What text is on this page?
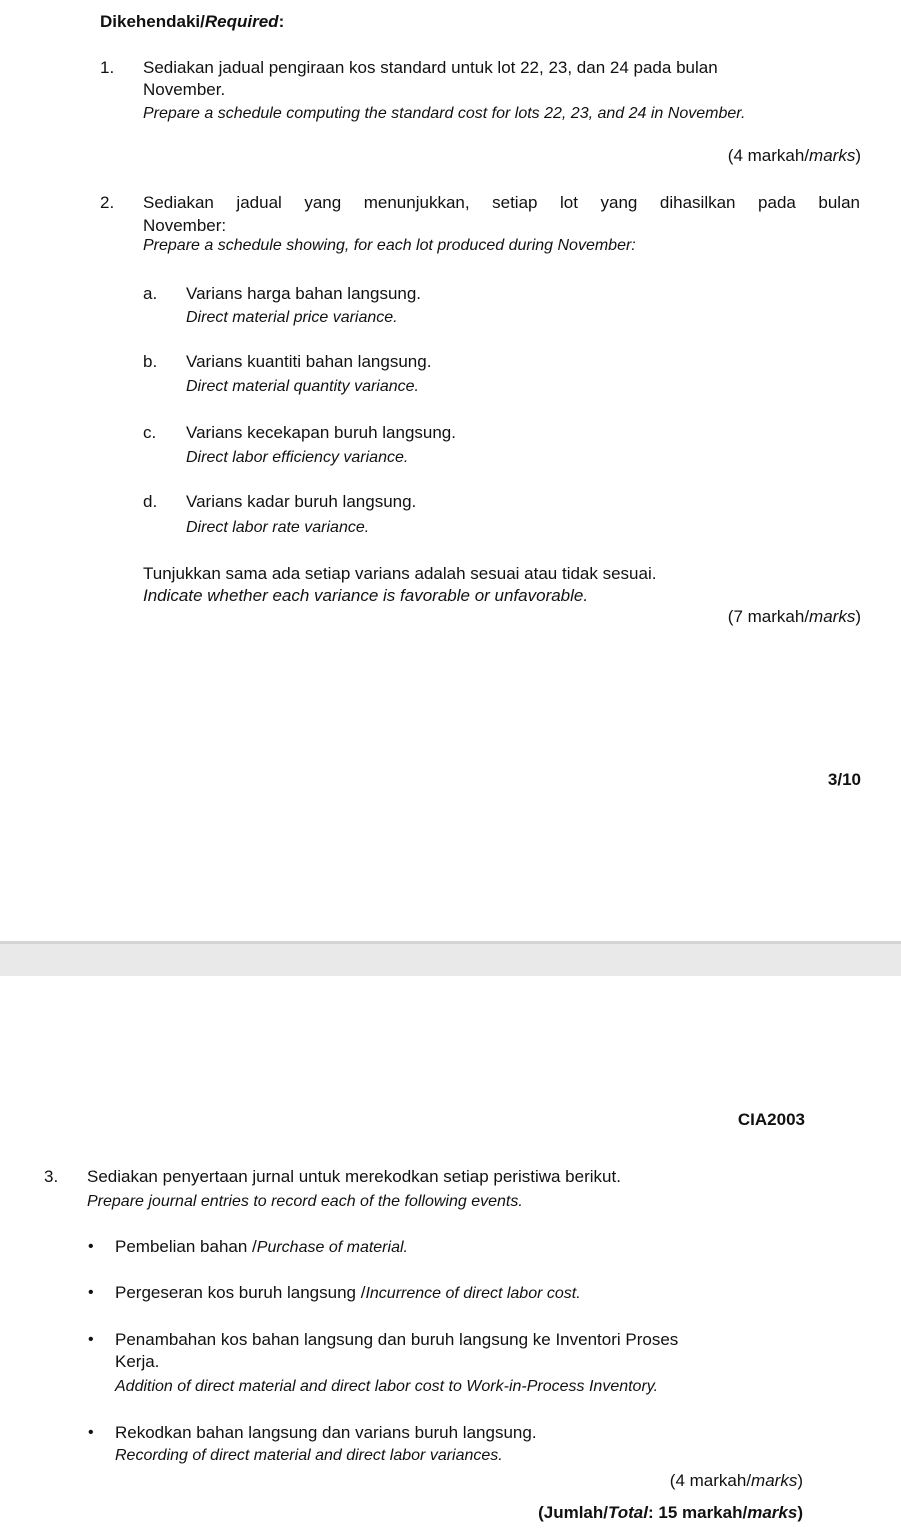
Dikehendaki/Required:
1. Sediakan jadual pengiraan kos standard untuk lot 22, 23, dan 24 pada bulan
November.
Prepare a schedule computing the standard cost for lots 22, 23, and 24 in November.
(4 markah/marks)
2. Sediakan jadual yang menunjukkan, setiap lot yang dihasilkan pada bulan
November:
Prepare a schedule showing, for each lot produced during November:
a. Varians harga bahan langsung.
Direct material price variance.
b. Varians kuantiti bahan langsung.
Direct material quantity variance.
c. Varians kecekapan buruh langsung.
Direct labor efficiency variance.
d. Varians kadar buruh langsung.
Direct labor rate variance.
Tunjukkan sama ada setiap varians adalah sesuai atau tidak sesuai.
Indicate whether each variance is favorable or unfavorable.
(7 markah/marks)
3/10
CIA2003
3. Sediakan penyertaan jurnal untuk merekodkan setiap peristiwa berikut.
Prepare journal entries to record each of the following events.
• Pembelian bahan /Purchase of material.
• Pergeseran kos buruh langsung /Incurrence of direct labor cost.
• Penambahan kos bahan langsung dan buruh langsung ke Inventori Proses
Kerja.
Addition of direct material and direct labor cost to Work-in-Process Inventory.
• Rekodkan bahan langsung dan varians buruh langsung.
Recording of direct material and direct labor variances.
(4 markah/marks)
(Jumlah/Total: 15 markah/marks)
